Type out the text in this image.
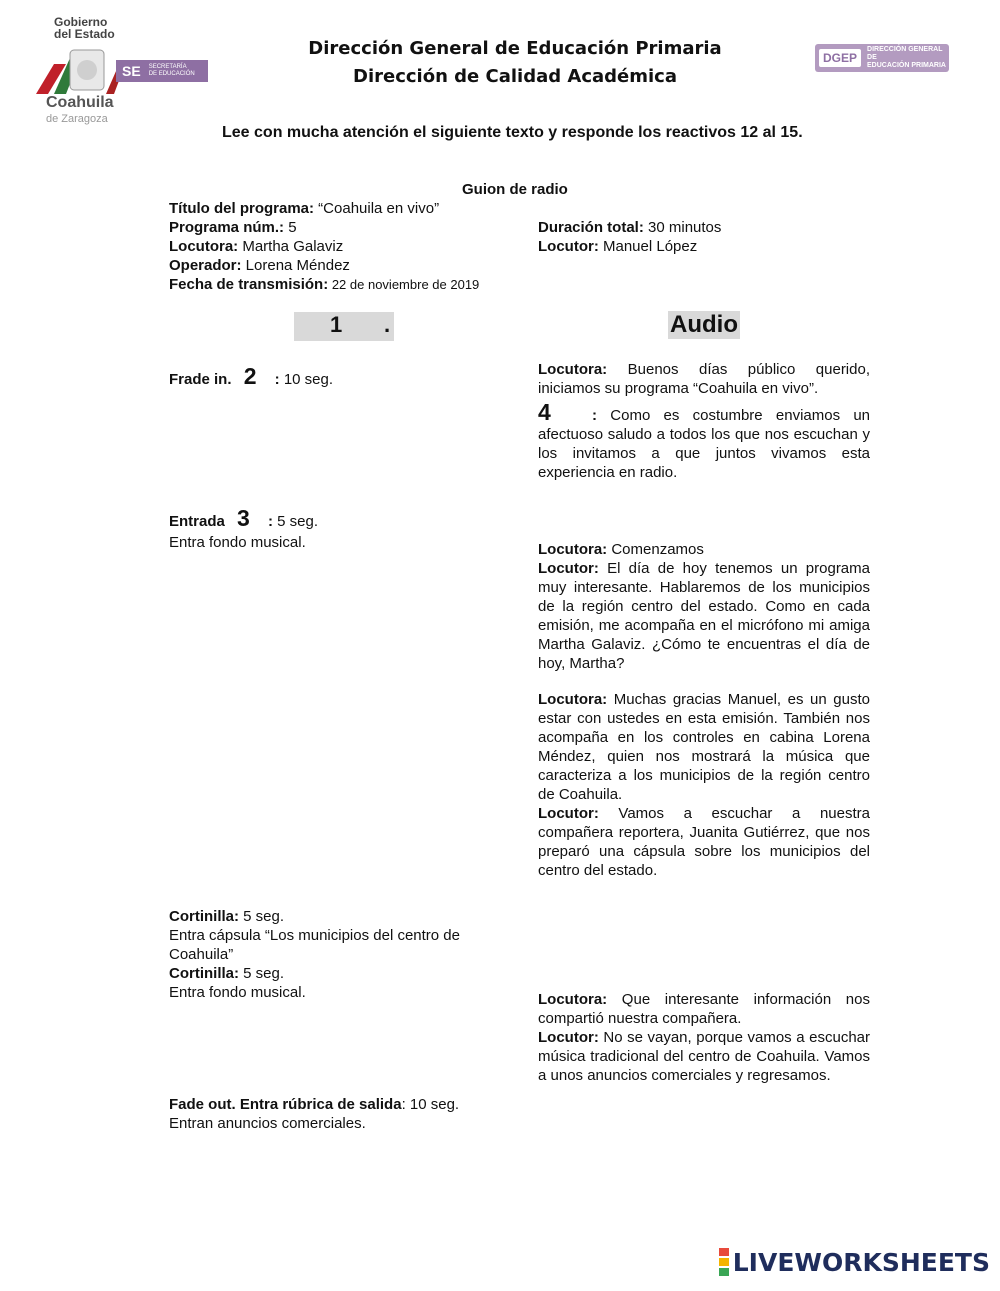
Gobierno
del Estado
SE SECRETARÍA
DE EDUCACIÓN
Coahuila
de Zaragoza
DGEP
DIRECCIÓN GENERAL DE
EDUCACIÓN PRIMARIA
Dirección General de Educación Primaria
Dirección de Calidad Académica
Lee con mucha atención el siguiente texto y responde los reactivos 12 al 15.
Guion de radio
Título del programa: “Coahuila en vivo”
Programa núm.: 5
Locutora: Martha Galaviz
Operador: Lorena Méndez
Fecha de transmisión: 22 de noviembre de 2019
Duración total: 30 minutos
Locutor: Manuel López
1 .	Audio
Frade in. 2 : 10 seg.
Entrada 3 : 5 seg.
Entra fondo musical.
Cortinilla: 5 seg.
Entra cápsula “Los municipios del centro de
Coahuila”
Cortinilla: 5 seg.
Entra fondo musical.
Fade out. Entra rúbrica de salida: 10 seg.
Entran anuncios comerciales.
Locutora: Buenos días público querido, iniciamos su programa “Coahuila en vivo”.
4	: Como es costumbre enviamos un afectuoso saludo a todos los que nos escuchan y los invitamos a que juntos vivamos esta experiencia en radio.
Locutora: Comenzamos
Locutor: El día de hoy tenemos un programa muy interesante. Hablaremos de los municipios de la región centro del estado. Como en cada emisión, me acompaña en el micrófono mi amiga Martha Galaviz. ¿Cómo te encuentras el día de hoy, Martha?
Locutora: Muchas gracias Manuel, es un gusto estar con ustedes en esta emisión. También nos acompaña en los controles en cabina Lorena Méndez, quien nos mostrará la música que caracteriza a los municipios de la región centro de Coahuila.
Locutor: Vamos a escuchar a nuestra compañera reportera, Juanita Gutiérrez, que nos preparó una cápsula sobre los municipios del centro del estado.
Locutora: Que interesante información nos compartió nuestra compañera.
Locutor: No se vayan, porque vamos a escuchar música tradicional del centro de Coahuila. Vamos a unos anuncios comerciales y regresamos.
LIVEWORKSHEETS
